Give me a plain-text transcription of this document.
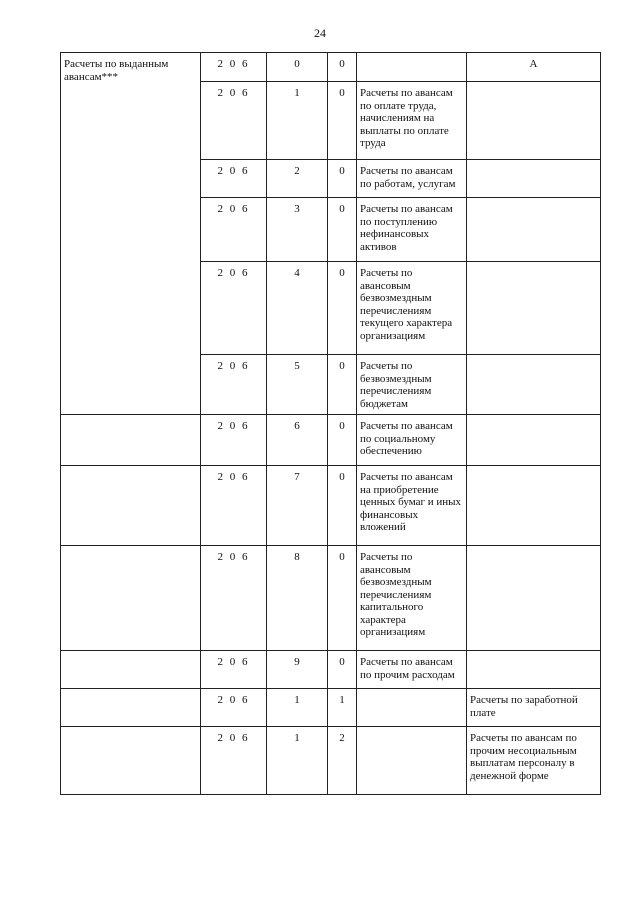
24
Расчеты по выданным авансам***	2 0 6	0	0		А
	2 0 6	1	0	Расчеты по авансам по оплате труда, начислениям на выплаты по оплате труда	
	2 0 6	2	0	Расчеты по авансам по работам, услугам	
	2 0 6	3	0	Расчеты по авансам по поступлению нефинансовых активов	
	2 0 6	4	0	Расчеты по авансовым безвозмездным перечислениям текущего характера организациям	
	2 0 6	5	0	Расчеты по безвозмездным перечислениям бюджетам	
	2 0 6	6	0	Расчеты по авансам по социальному обеспечению	
	2 0 6	7	0	Расчеты по авансам на приобретение ценных бумаг и иных финансовых вложений	
	2 0 6	8	0	Расчеты по авансовым безвозмездным перечислениям капитального характера организациям	
	2 0 6	9	0	Расчеты по авансам по прочим расходам	
	2 0 6	1	1		Расчеты по заработной плате
	2 0 6	1	2		Расчеты по авансам по прочим несоциальным выплатам персоналу в денежной форме
